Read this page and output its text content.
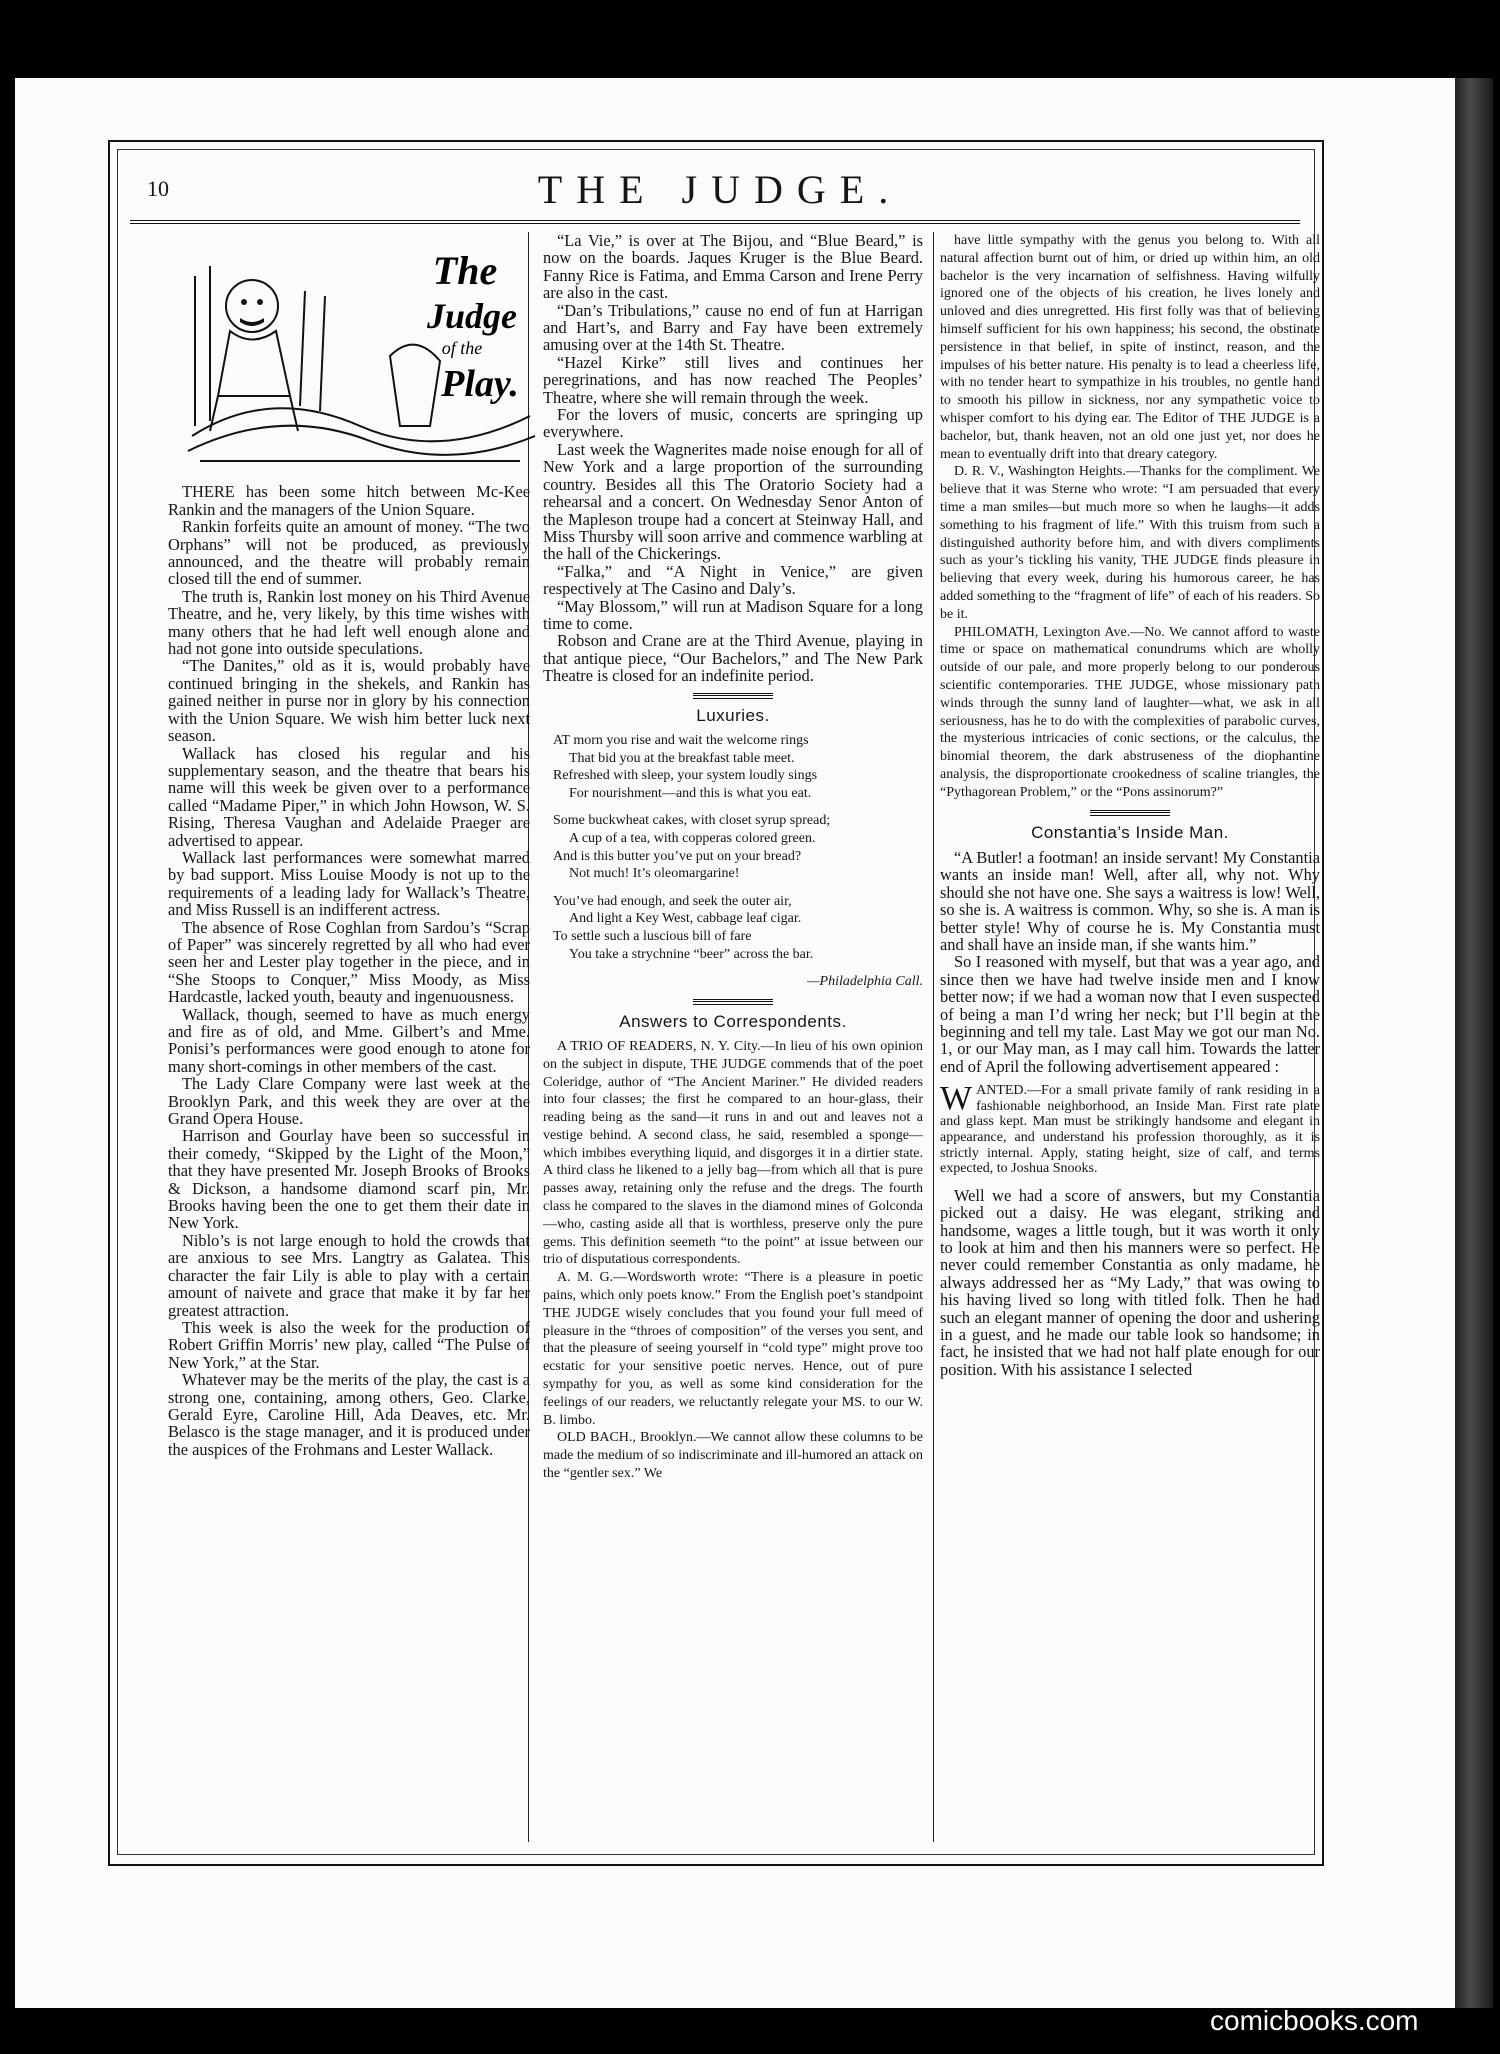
10	THE JUDGE.
The
Judge
of the
Play.

THERE has been some hitch between Mc-Kee Rankin and the managers of the Union Square.

Rankin forfeits quite an amount of money. “The two Orphans” will not be produced, as previously announced, and the theatre will probably remain closed till the end of summer.

The truth is, Rankin lost money on his Third Avenue Theatre, and he, very likely, by this time wishes with many others that he had left well enough alone and had not gone into outside speculations.

“The Danites,” old as it is, would probably have continued bringing in the shekels, and Rankin has gained neither in purse nor in glory by his connection with the Union Square. We wish him better luck next season.

Wallack has closed his regular and his supplementary season, and the theatre that bears his name will this week be given over to a performance called “Madame Piper,” in which John Howson, W. S. Rising, Theresa Vaughan and Adelaide Praeger are advertised to appear.

Wallack last performances were somewhat marred by bad support. Miss Louise Moody is not up to the requirements of a leading lady for Wallack’s Theatre, and Miss Russell is an indifferent actress.

The absence of Rose Coghlan from Sardou’s “Scrap of Paper” was sincerely regretted by all who had ever seen her and Lester play together in the piece, and in “She Stoops to Conquer,” Miss Moody, as Miss Hardcastle, lacked youth, beauty and ingenuousness.

Wallack, though, seemed to have as much energy and fire as of old, and Mme. Gilbert’s and Mme. Ponisi’s performances were good enough to atone for many short-comings in other members of the cast.

The Lady Clare Company were last week at the Brooklyn Park, and this week they are over at the Grand Opera House.

Harrison and Gourlay have been so successful in their comedy, “Skipped by the Light of the Moon,” that they have presented Mr. Joseph Brooks of Brooks & Dickson, a handsome diamond scarf pin, Mr. Brooks having been the one to get them their date in New York.

Niblo’s is not large enough to hold the crowds that are anxious to see Mrs. Langtry as Galatea. This character the fair Lily is able to play with a certain amount of naivete and grace that make it by far her greatest attraction.

This week is also the week for the production of Robert Griffin Morris’ new play, called “The Pulse of New York,” at the Star.

Whatever may be the merits of the play, the cast is a strong one, containing, among others, Geo. Clarke, Gerald Eyre, Caroline Hill, Ada Deaves, etc. Mr. Belasco is the stage manager, and it is produced under the auspices of the Frohmans and Lester Wallack.

“La Vie,” is over at The Bijou, and “Blue Beard,” is now on the boards. Jaques Kruger is the Blue Beard. Fanny Rice is Fatima, and Emma Carson and Irene Perry are also in the cast.

“Dan’s Tribulations,” cause no end of fun at Harrigan and Hart’s, and Barry and Fay have been extremely amusing over at the 14th St. Theatre.

“Hazel Kirke” still lives and continues her peregrinations, and has now reached The Peoples’ Theatre, where she will remain through the week.

For the lovers of music, concerts are springing up everywhere.

Last week the Wagnerites made noise enough for all of New York and a large proportion of the surrounding country. Besides all this The Oratorio Society had a rehearsal and a concert. On Wednesday Senor Anton of the Mapleson troupe had a concert at Steinway Hall, and Miss Thursby will soon arrive and commence warbling at the hall of the Chickerings.

“Falka,” and “A Night in Venice,” are given respectively at The Casino and Daly’s.

“May Blossom,” will run at Madison Square for a long time to come.

Robson and Crane are at the Third Avenue, playing in that antique piece, “Our Bachelors,” and The New Park Theatre is closed for an indefinite period.

Luxuries.
AT morn you rise and wait the welcome rings
That bid you at the breakfast table meet.
Refreshed with sleep, your system loudly sings
For nourishment—and this is what you eat.
Some buckwheat cakes, with closet syrup spread;
A cup of a tea, with copperas colored green.
And is this butter you’ve put on your bread?
Not much! It’s oleomargarine!
You’ve had enough, and seek the outer air,
And light a Key West, cabbage leaf cigar.
To settle such a luscious bill of fare
You take a strychnine “beer” across the bar.
—Philadelphia Call.
Answers to Correspondents.

A TRIO OF READERS, N. Y. City.—In lieu of his own opinion on the subject in dispute, THE JUDGE commends that of the poet Coleridge, author of “The Ancient Mariner.” He divided readers into four classes; the first he compared to an hour-glass, their reading being as the sand—it runs in and out and leaves not a vestige behind. A second class, he said, resembled a sponge—which imbibes everything liquid, and disgorges it in a dirtier state. A third class he likened to a jelly bag—from which all that is pure passes away, retaining only the refuse and the dregs. The fourth class he compared to the slaves in the diamond mines of Golconda—who, casting aside all that is worthless, preserve only the pure gems. This definition seemeth “to the point” at issue between our trio of disputatious correspondents.

A. M. G.—Wordsworth wrote: “There is a pleasure in poetic pains, which only poets know.” From the English poet’s standpoint THE JUDGE wisely concludes that you found your full meed of pleasure in the “throes of composition” of the verses you sent, and that the pleasure of seeing yourself in “cold type” might prove too ecstatic for your sensitive poetic nerves. Hence, out of pure sympathy for you, as well as some kind consideration for the feelings of our readers, we reluctantly relegate your MS. to our W. B. limbo.

OLD BACH., Brooklyn.—We cannot allow these columns to be made the medium of so indiscriminate and ill-humored an attack on the “gentler sex.” We

have little sympathy with the genus you belong to. With all natural affection burnt out of him, or dried up within him, an old bachelor is the very incarnation of selfishness. Having wilfully ignored one of the objects of his creation, he lives lonely and unloved and dies unregretted. His first folly was that of believing himself sufficient for his own happiness; his second, the obstinate persistence in that belief, in spite of instinct, reason, and the impulses of his better nature. His penalty is to lead a cheerless life, with no tender heart to sympathize in his troubles, no gentle hand to smooth his pillow in sickness, nor any sympathetic voice to whisper comfort to his dying ear. The Editor of THE JUDGE is a bachelor, but, thank heaven, not an old one just yet, nor does he mean to eventually drift into that dreary category.

D. R. V., Washington Heights.—Thanks for the compliment. We believe that it was Sterne who wrote: “I am persuaded that every time a man smiles—but much more so when he laughs—it adds something to his fragment of life.” With this truism from such a distinguished authority before him, and with divers compliments such as your’s tickling his vanity, THE JUDGE finds pleasure in believing that every week, during his humorous career, he has added something to the “fragment of life” of each of his readers. So be it.

PHILOMATH, Lexington Ave.—No. We cannot afford to waste time or space on mathematical conundrums which are wholly outside of our pale, and more properly belong to our ponderous scientific contemporaries. THE JUDGE, whose missionary path winds through the sunny land of laughter—what, we ask in all seriousness, has he to do with the complexities of parabolic curves, the mysterious intricacies of conic sections, or the calculus, the binomial theorem, the dark abstruseness of the diophantine analysis, the disproportionate crookedness of scaline triangles, the “Pythagorean Problem,” or the “Pons assinorum?”

Constantia’s Inside Man.

“A Butler! a footman! an inside servant! My Constantia wants an inside man! Well, after all, why not. Why should she not have one. She says a waitress is low! Well, so she is. A waitress is common. Why, so she is. A man is better style! Why of course he is. My Constantia must and shall have an inside man, if she wants him.”

So I reasoned with myself, but that was a year ago, and since then we have had twelve inside men and I know better now; if we had a woman now that I even suspected of being a man I’d wring her neck; but I’ll begin at the beginning and tell my tale. Last May we got our man No. 1, or our May man, as I may call him. Towards the latter end of April the following advertisement appeared :

WANTED.—For a small private family of rank residing in a fashionable neighborhood, an Inside Man. First rate plate and glass kept. Man must be strikingly handsome and elegant in appearance, and understand his profession thoroughly, as it is strictly internal. Apply, stating height, size of calf, and terms expected, to Joshua Snooks.

Well we had a score of answers, but my Constantia picked out a daisy. He was elegant, striking and handsome, wages a little tough, but it was worth it only to look at him and then his manners were so perfect. He never could remember Constantia as only madame, he always addressed her as “My Lady,” that was owing to his having lived so long with titled folk. Then he had such an elegant manner of opening the door and ushering in a guest, and he made our table look so handsome; in fact, he insisted that we had not half plate enough for our position. With his assistance I selected

comicbooks.com
